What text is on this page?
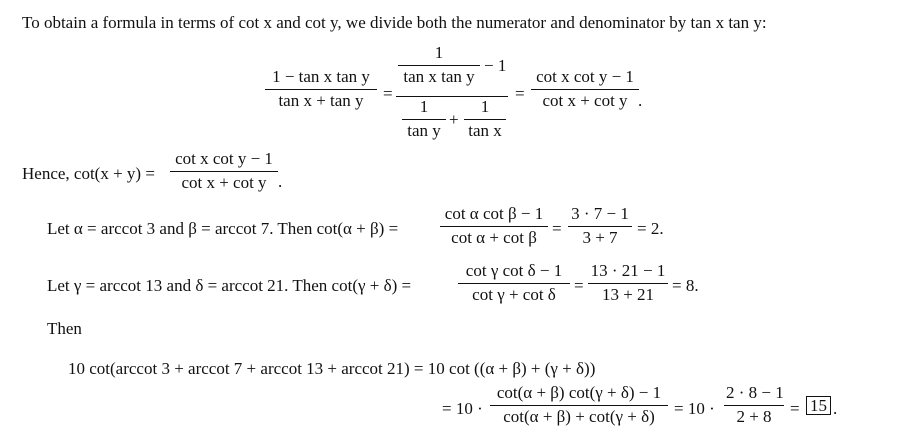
To obtain a formula in terms of cot x and cot y, we divide both the numerator and denominator by tan x tan y:
1 − tan x tan y
tan x + tan y	=
1
tan x tan y
− 1
1
tan y
+
1
tan x
=
cot x cot y − 1
cot x + cot y .
Hence, cot(x + y) =
cot x cot y − 1
cot x + cot y .
Let α = arccot 3 and β = arccot 7. Then cot(α + β) =
cot α cot β − 1
cot α + cot β =
3 · 7 − 1
3 + 7	= 2.
Let γ = arccot 13 and δ = arccot 21. Then cot(γ + δ) =
cot γ cot δ − 1
cot γ + cot δ	=
13 · 21 − 1
13 + 21	= 8.
Then
10 cot(arccot 3 + arccot 7 + arccot 13 + arccot 21) = 10 cot ((α + β) + (γ + δ))
= 10 ·
cot(α + β) cot(γ + δ) − 1
cot(α + β) + cot(γ + δ)	= 10 ·
2 · 8 − 1
2 + 8	= 15 .
